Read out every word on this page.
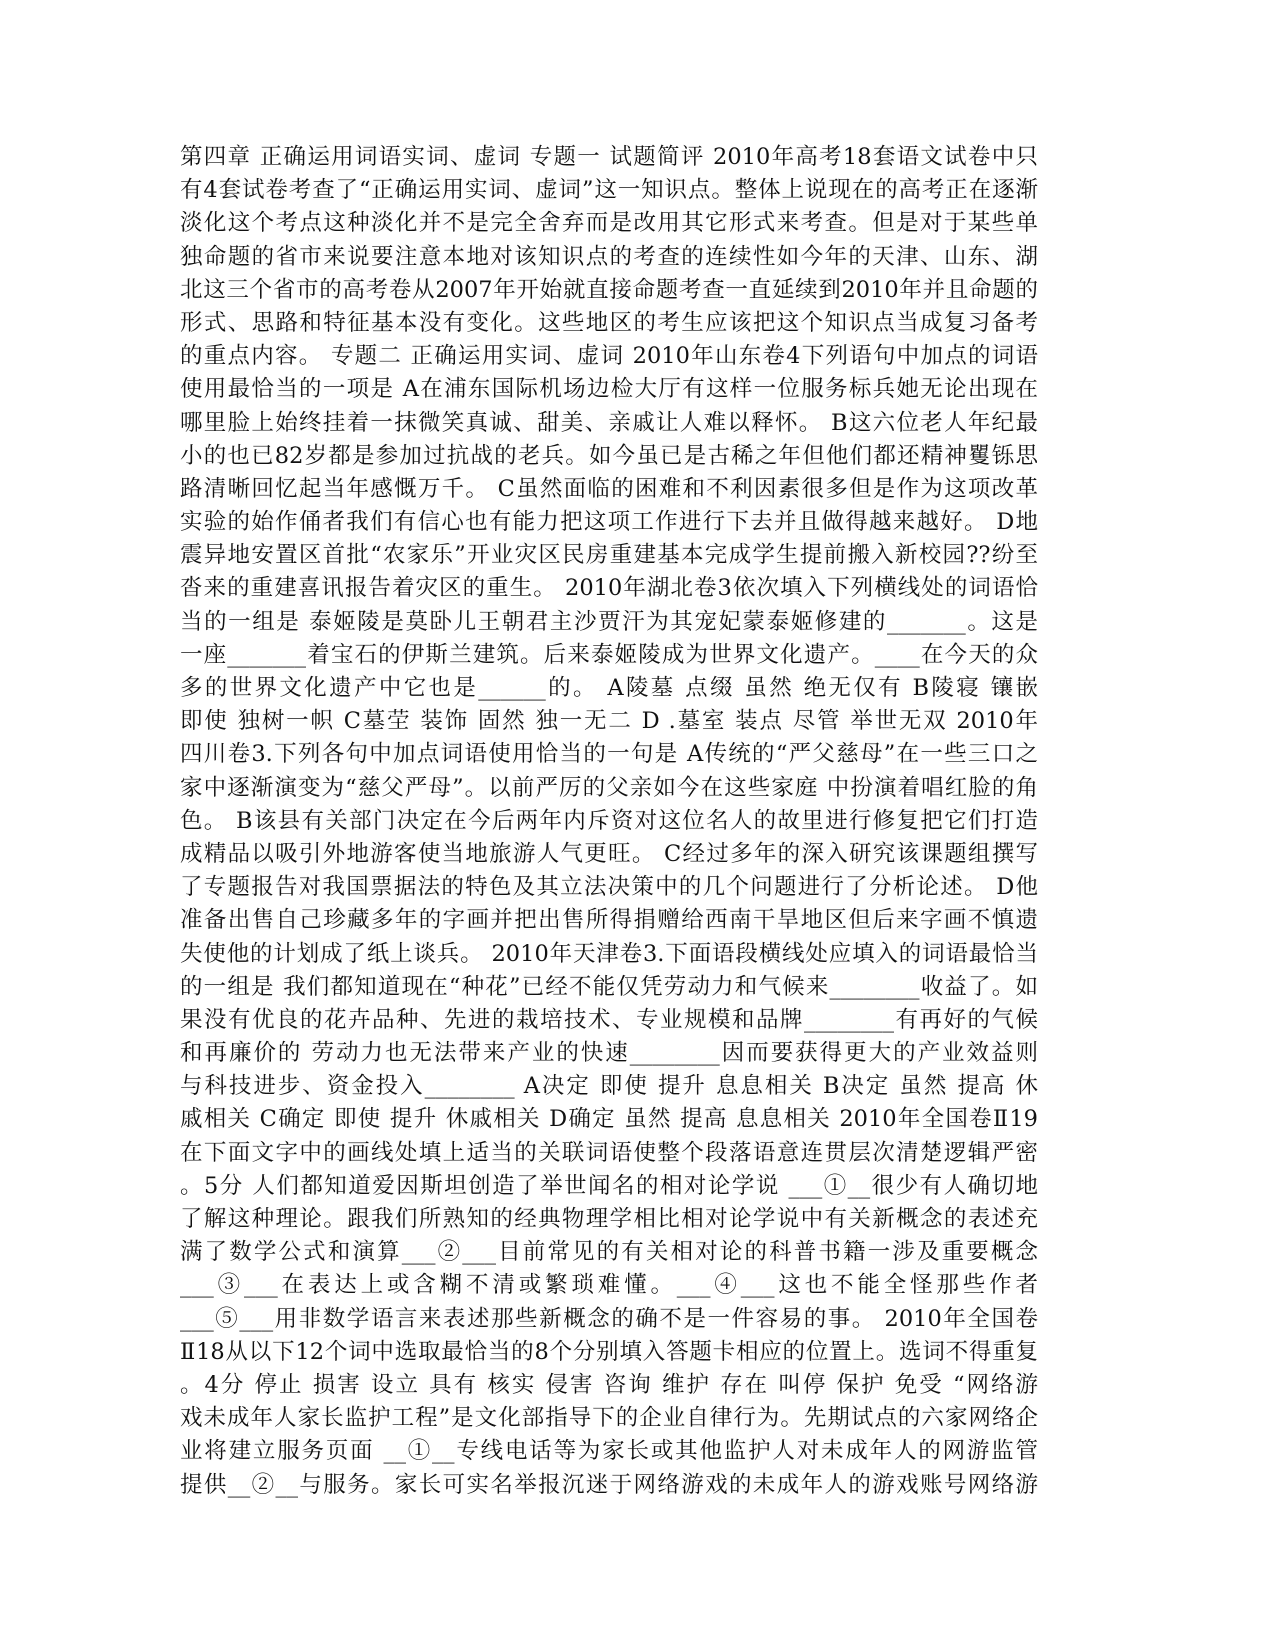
第四章 正确运用词语实词、虚词 专题一 试题简评 2010年高考18套语文试卷中只
有4套试卷考查了“正确运用实词、虚词”这一知识点。整体上说现在的高考正在逐渐
淡化这个考点这种淡化并不是完全舍弃而是改用其它形式来考查。但是对于某些单
独命题的省市来说要注意本地对该知识点的考查的连续性如今年的天津、山东、湖
北这三个省市的高考卷从2007年开始就直接命题考查一直延续到2010年并且命题的
形式、思路和特征基本没有变化。这些地区的考生应该把这个知识点当成复习备考
的重点内容。 专题二 正确运用实词、虚词 2010年山东卷4下列语句中加点的词语
使用最恰当的一项是 A在浦东国际机场边检大厅有这样一位服务标兵她无论出现在
哪里脸上始终挂着一抹微笑真诚、甜美、亲戚让人难以释怀。 B这六位老人年纪最
小的也已82岁都是参加过抗战的老兵。如今虽已是古稀之年但他们都还精神矍铄思
路清晰回忆起当年感慨万千。 C虽然面临的困难和不利因素很多但是作为这项改革
实验的始作俑者我们有信心也有能力把这项工作进行下去并且做得越来越好。 D地
震异地安置区首批“农家乐”开业灾区民房重建基本完成学生提前搬入新校园??纷至
沓来的重建喜讯报告着灾区的重生。 2010年湖北卷3依次填入下列横线处的词语恰
当的一组是 泰姬陵是莫卧儿王朝君主沙贾汗为其宠妃蒙泰姬修建的_______。这是
一座_______着宝石的伊斯兰建筑。后来泰姬陵成为世界文化遗产。____在今天的众
多的世界文化遗产中它也是______的。 A陵墓 点缀 虽然 绝无仅有 B陵寝 镶嵌
即使 独树一帜 C墓茔 装饰 固然 独一无二 D .墓室 装点 尽管 举世无双 2010年
四川卷3.下列各句中加点词语使用恰当的一句是 A传统的“严父慈母”在一些三口之
家中逐渐演变为“慈父严母”。以前严厉的父亲如今在这些家庭 中扮演着唱红脸的角
色。 B该县有关部门决定在今后两年内斥资对这位名人的故里进行修复把它们打造
成精品以吸引外地游客使当地旅游人气更旺。 C经过多年的深入研究该课题组撰写
了专题报告对我国票据法的特色及其立法决策中的几个问题进行了分析论述。 D他
准备出售自己珍藏多年的字画并把出售所得捐赠给西南干旱地区但后来字画不慎遗
失使他的计划成了纸上谈兵。 2010年天津卷3.下面语段横线处应填入的词语最恰当
的一组是 我们都知道现在“种花”已经不能仅凭劳动力和气候来________收益了。如
果没有优良的花卉品种、先进的栽培技术、专业规模和品牌________有再好的气候
和再廉价的 劳动力也无法带来产业的快速________因而要获得更大的产业效益则
与科技进步、资金投入________ A决定 即使 提升 息息相关 B决定 虽然 提高 休
戚相关 C确定 即使 提升 休戚相关 D确定 虽然 提高 息息相关 2010年全国卷Ⅱ19
在下面文字中的画线处填上适当的关联词语使整个段落语意连贯层次清楚逻辑严密
。5分 人们都知道爱因斯坦创造了举世闻名的相对论学说 ___①__很少有人确切地
了解这种理论。跟我们所熟知的经典物理学相比相对论学说中有关新概念的表述充
满了数学公式和演算___②___目前常见的有关相对论的科普书籍一涉及重要概念
___③___在表达上或含糊不清或繁琐难懂。___④___这也不能全怪那些作者
___⑤___用非数学语言来表述那些新概念的确不是一件容易的事。 2010年全国卷
Ⅱ18从以下12个词中选取最恰当的8个分别填入答题卡相应的位置上。选词不得重复
。4分 停止 损害 设立 具有 核实 侵害 咨询 维护 存在 叫停 保护 免受 “网络游
戏未成年人家长监护工程”是文化部指导下的企业自律行为。先期试点的六家网络企
业将建立服务页面 __①__专线电话等为家长或其他监护人对未成年人的网游监管
提供__②__与服务。家长可实名举报沉迷于网络游戏的未成年人的游戏账号网络游
